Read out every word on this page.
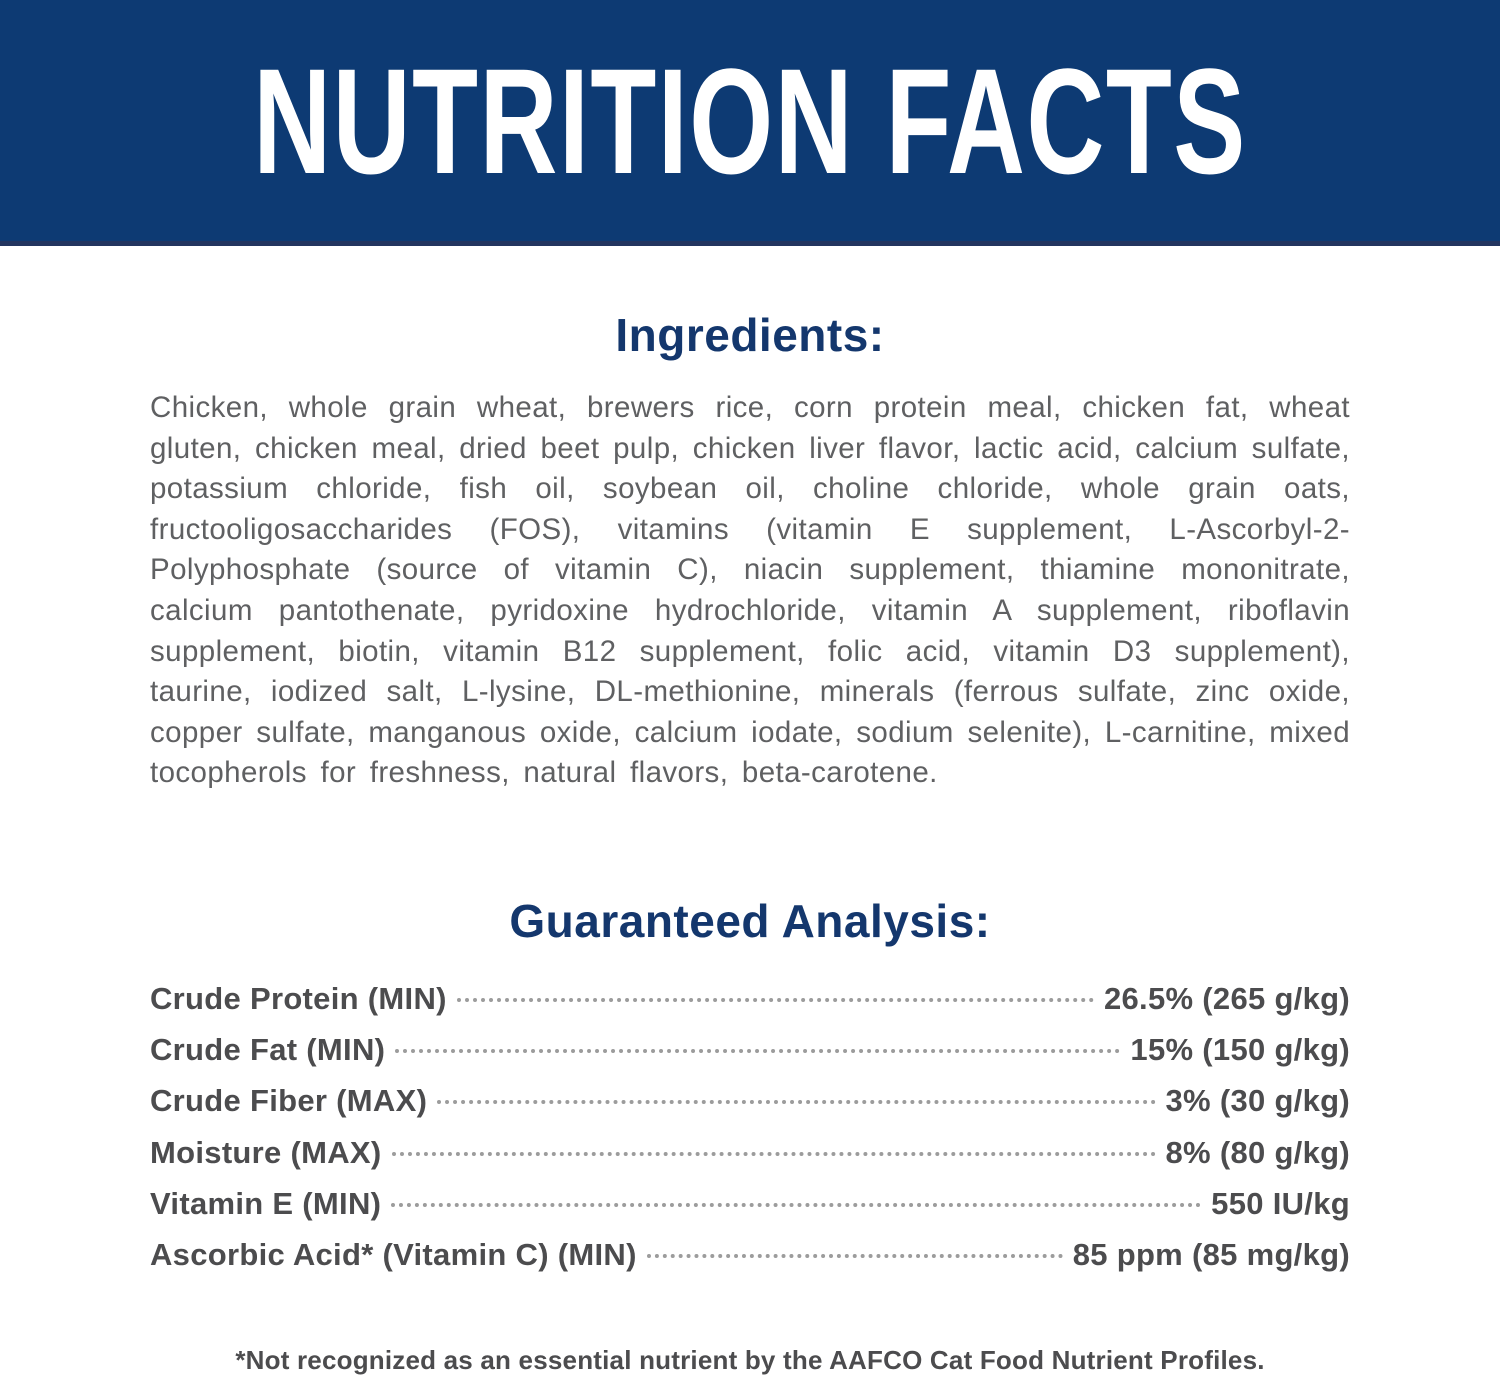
NUTRITION FACTS
Ingredients:

Chicken, whole grain wheat, brewers rice, corn protein meal, chicken fat, wheat gluten, chicken meal, dried beet pulp, chicken liver flavor, lactic acid, calcium sulfate, potassium chloride, fish oil, soybean oil, choline chloride, whole grain oats, fructooligosaccharides (FOS), vitamins (vitamin E supplement, L-Ascorbyl-2-Polyphosphate (source of vitamin C), niacin supplement, thiamine mononitrate, calcium pantothenate, pyridoxine hydrochloride, vitamin A supplement, riboflavin supplement, biotin, vitamin B12 supplement, folic acid, vitamin D3 supplement), taurine, iodized salt, L-lysine, DL-methionine, minerals (ferrous sulfate, zinc oxide, copper sulfate, manganous oxide, calcium iodate, sodium selenite), L-carnitine, mixed tocopherols for freshness, natural flavors, beta-carotene.

Guaranteed Analysis:
Crude Protein (MIN)	26.5% (265 g/kg)
Crude Fat (MIN)	15% (150 g/kg)
Crude Fiber (MAX)	3% (30 g/kg)
Moisture (MAX)	8% (80 g/kg)
Vitamin E (MIN)	550 IU/kg
Ascorbic Acid* (Vitamin C) (MIN)	85 ppm (85 mg/kg)
*Not recognized as an essential nutrient by the AAFCO Cat Food Nutrient Profiles.
